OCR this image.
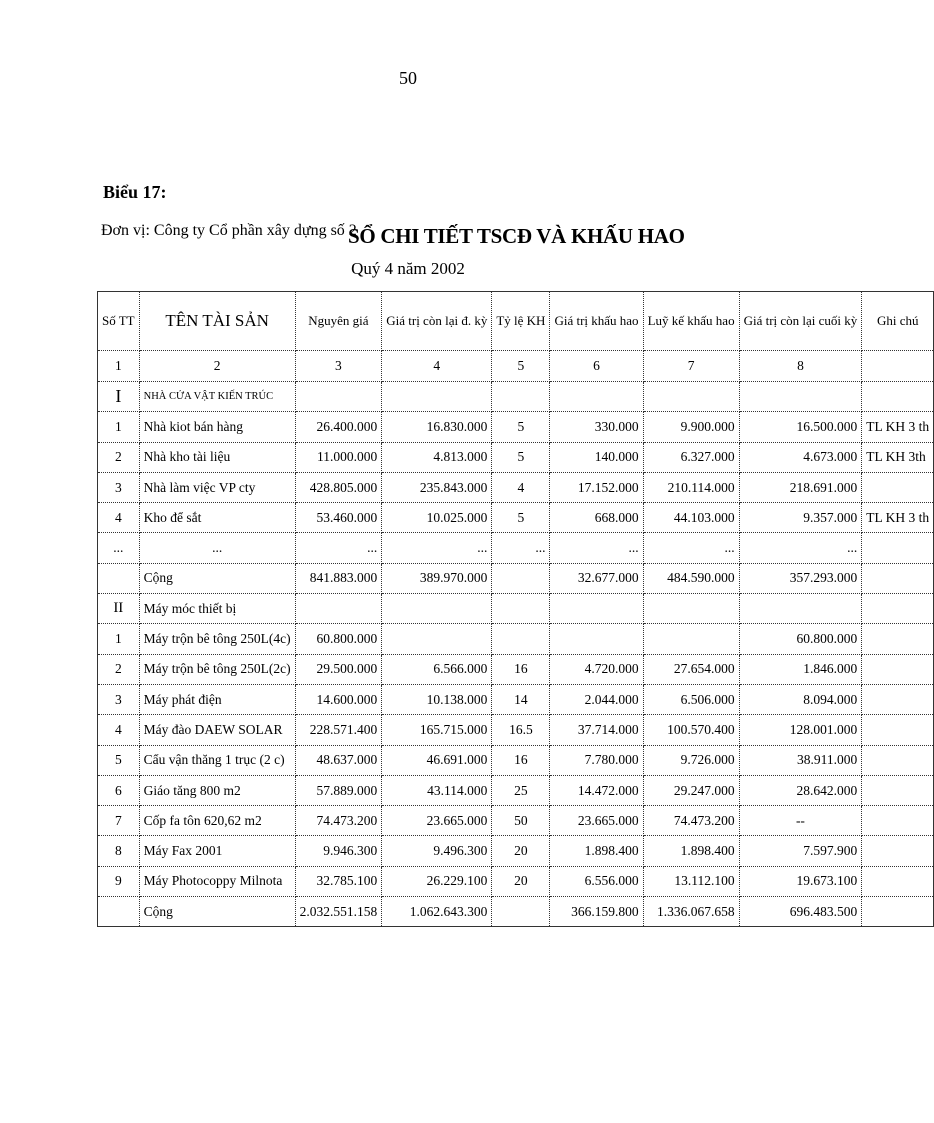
50
Biểu 17:
Đơn vị: Công ty Cổ phần xây dựng số 2
SỔ CHI TIẾT TSCĐ VÀ KHẤU HAO
Quý 4 năm 2002
Số TT	TÊN TÀI SẢN	Nguyên giá	Giá trị còn lại đ. kỳ	Tỷ lệ KH	Giá trị khấu hao	Luỹ kế khấu hao	Giá trị còn lại cuối kỳ	Ghi chú
1	2	3	4	5	6	7	8	
I	NHÀ CỬA VẬT KIẾN TRÚC							
1	Nhà kiot bán hàng	26.400.000	16.830.000	5	330.000	9.900.000	16.500.000	TL KH 3 th
2	Nhà kho tài liệu	11.000.000	4.813.000	5	140.000	6.327.000	4.673.000	TL KH 3th
3	Nhà làm việc VP cty	428.805.000	235.843.000	4	17.152.000	210.114.000	218.691.000	
4	Kho để sắt	53.460.000	10.025.000	5	668.000	44.103.000	9.357.000	TL KH 3 th
...	...	...	...	...	...	...	...	
	Cộng	841.883.000	389.970.000		32.677.000	484.590.000	357.293.000	
II	Máy móc thiết bị							
1	Máy trộn bê tông 250L(4c)	60.800.000					60.800.000	
2	Máy trộn bê tông 250L(2c)	29.500.000	6.566.000	16	4.720.000	27.654.000	1.846.000	
3	Máy phát điện	14.600.000	10.138.000	14	2.044.000	6.506.000	8.094.000	
4	Máy đào DAEW SOLAR	228.571.400	165.715.000	16.5	37.714.000	100.570.400	128.001.000	
5	Cẩu vận thăng 1 trục (2 c)	48.637.000	46.691.000	16	7.780.000	9.726.000	38.911.000	
6	Giáo tăng 800 m2	57.889.000	43.114.000	25	14.472.000	29.247.000	28.642.000	
7	Cốp fa tôn 620,62 m2	74.473.200	23.665.000	50	23.665.000	74.473.200	--	
8	Máy Fax 2001	9.946.300	9.496.300	20	1.898.400	1.898.400	7.597.900	
9	Máy Photocoppy Milnota	32.785.100	26.229.100	20	6.556.000	13.112.100	19.673.100	
	Cộng	2.032.551.158	1.062.643.300		366.159.800	1.336.067.658	696.483.500	
